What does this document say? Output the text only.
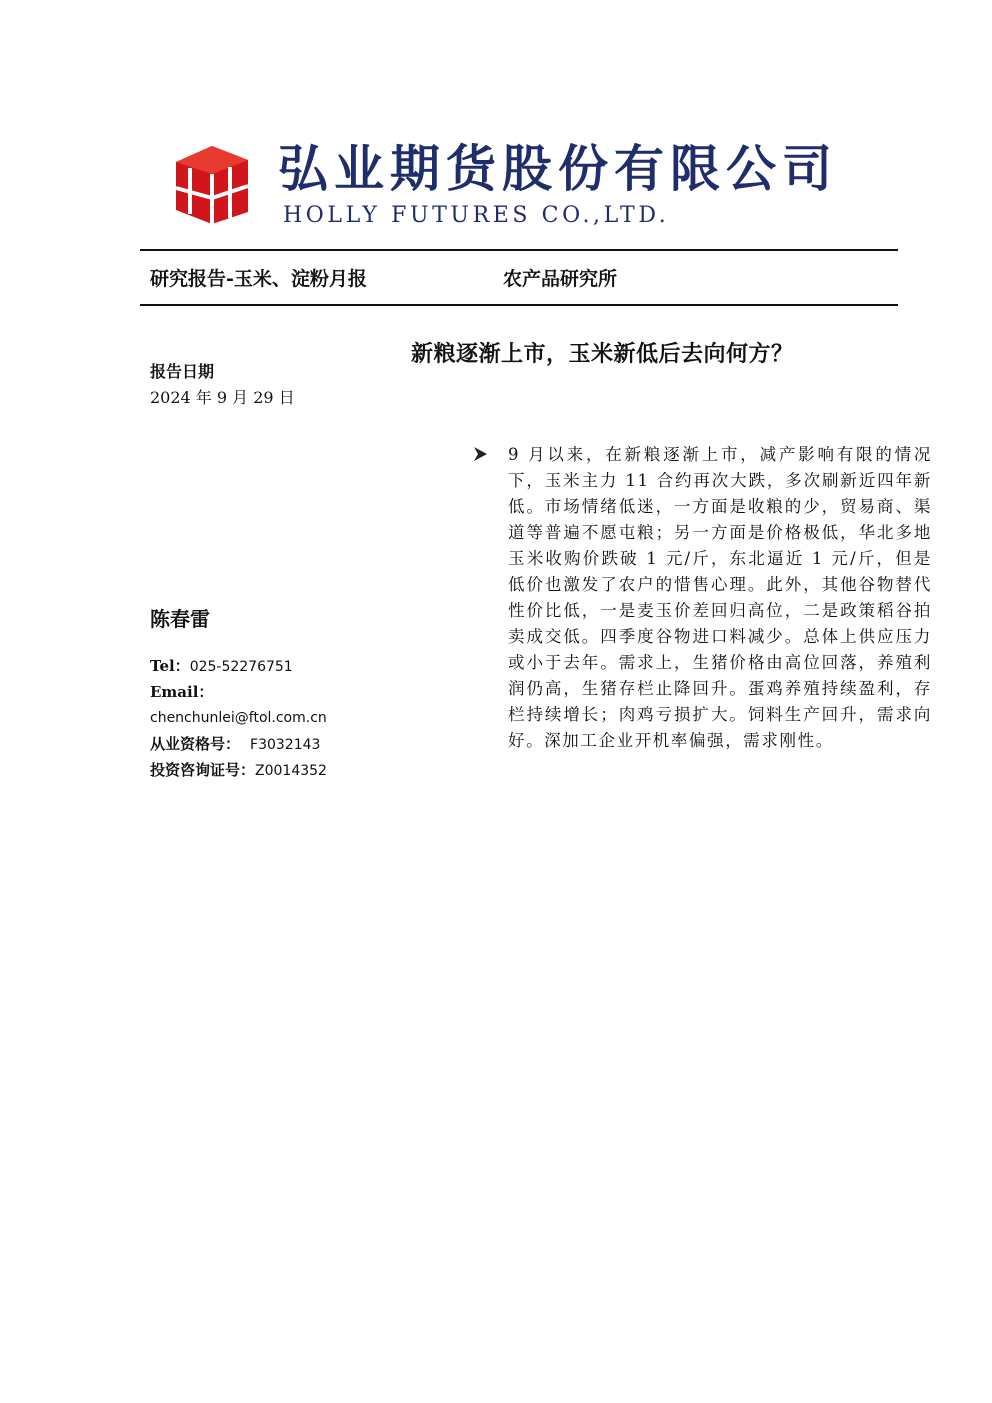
弘业期货股份有限公司
HOLLY FUTURES CO.,LTD.
研究报告-玉米、淀粉月报	农产品研究所
新粮逐渐上市，玉米新低后去向何方？
报告日期
2024 年 9 月 29 日
陈春雷
Tel：025-52276751
Email：
chenchunlei@ftol.com.cn
从业资格号： F3032143
投资咨询证号：Z0014352
9 月以来，在新粮逐渐上市，减产影响有限的情况下，玉米主力 11 合约再次大跌，多次刷新近四年新低。市场情绪低迷，一方面是收粮的少，贸易商、渠道等普遍不愿屯粮；另一方面是价格极低，华北多地玉米收购价跌破 1 元/斤，东北逼近 1 元/斤，但是低价也激发了农户的惜售心理。此外，其他谷物替代性价比低，一是麦玉价差回归高位，二是政策稻谷拍卖成交低。四季度谷物进口料减少。总体上供应压力或小于去年。需求上，生猪价格由高位回落，养殖利润仍高，生猪存栏止降回升。蛋鸡养殖持续盈利，存栏持续增长；肉鸡亏损扩大。饲料生产回升，需求向好。深加工企业开机率偏强，需求刚性。
